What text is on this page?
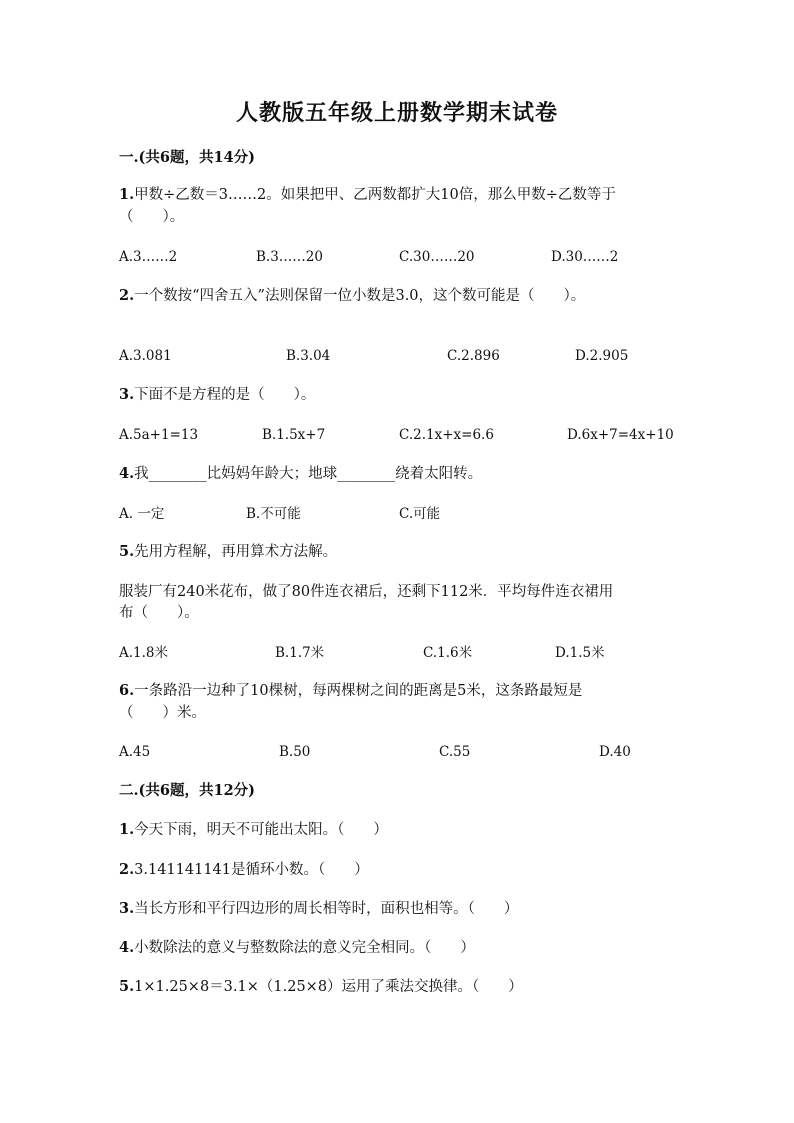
人教版五年级上册数学期末试卷
一.(共6题，共14分)
1.甲数÷乙数＝3……2。如果把甲、乙两数都扩大10倍，那么甲数÷乙数等于
（　　）。
A.3……2	B.3……20	C.30……20	D.30……2
2.一个数按“四舍五入”法则保留一位小数是3.0，这个数可能是（　　）。
A.3.081	B.3.04	C.2.896	D.2.905
3.下面不是方程的是（　　）。
A.5a+1=13	B.1.5x+7	C.2.1x+x=6.6	D.6x+7=4x+10
4.我________比妈妈年龄大；地球________绕着太阳转。
A. 一定	B.不可能	C.可能
5.先用方程解，再用算术方法解。
服装厂有240米花布，做了80件连衣裙后，还剩下112米．平均每件连衣裙用
布（　　）。
A.1.8米	B.1.7米	C.1.6米	D.1.5米
6.一条路沿一边种了10棵树，每两棵树之间的距离是5米，这条路最短是
（　　）米。
A.45	B.50	C.55	D.40
二.(共6题，共12分)
1.今天下雨，明天不可能出太阳。（　　）
2.3.141141141是循环小数。（　　）
3.当长方形和平行四边形的周长相等时，面积也相等。（　　）
4.小数除法的意义与整数除法的意义完全相同。（　　）
5.1×1.25×8＝3.1×（1.25×8）运用了乘法交换律。（　　）
